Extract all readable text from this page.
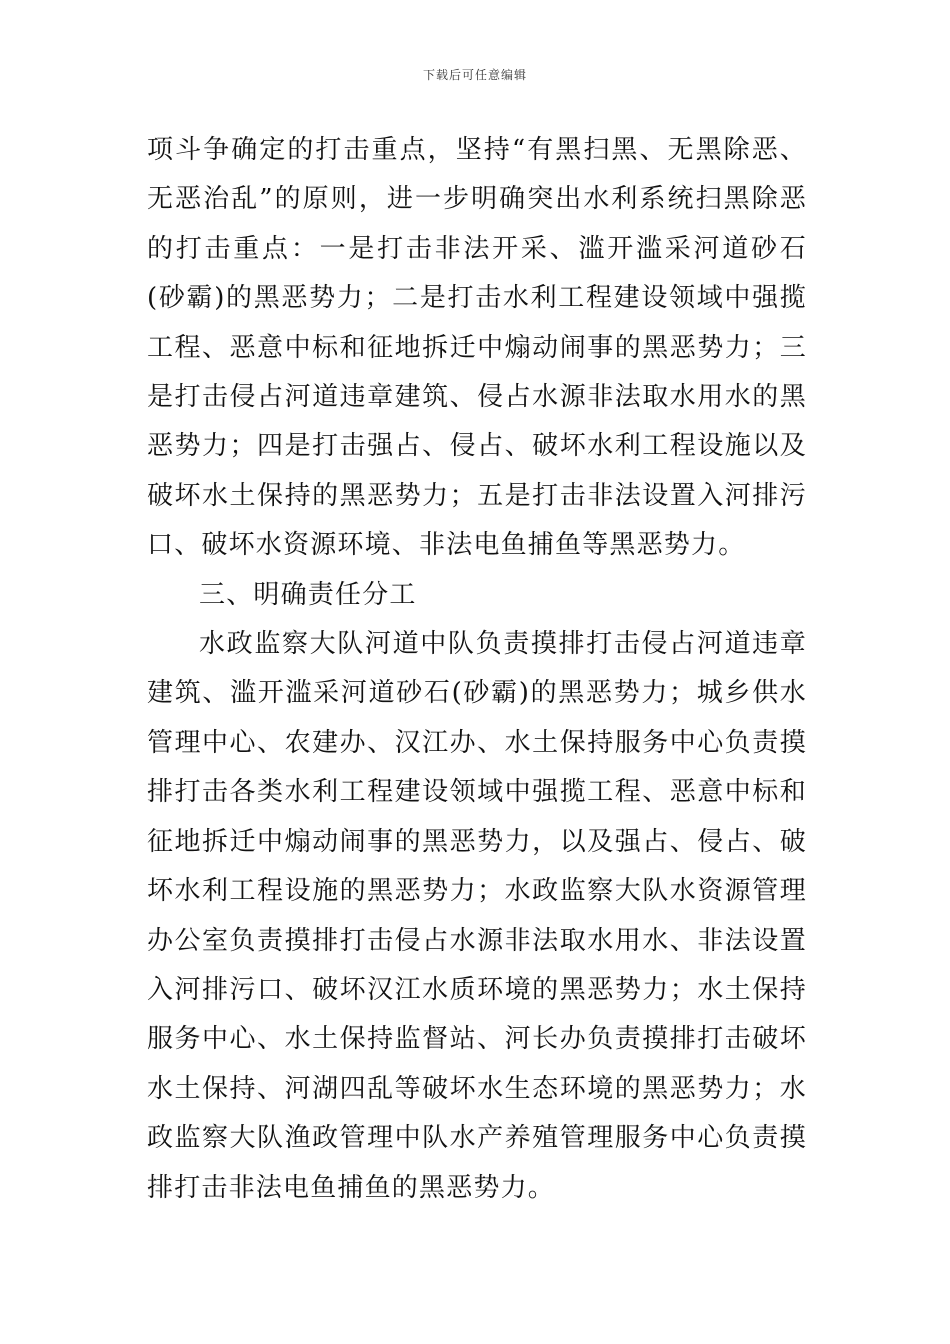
下载后可任意编辑

项斗争确定的打击重点，坚持“有黑扫黑、无黑除恶、无恶治乱”的原则，进一步明确突出水利系统扫黑除恶的打击重点：一是打击非法开采、滥开滥采河道砂石(砂霸)的黑恶势力；二是打击水利工程建设领域中强揽工程、恶意中标和征地拆迁中煽动闹事的黑恶势力；三是打击侵占河道违章建筑、侵占水源非法取水用水的黑恶势力；四是打击强占、侵占、破坏水利工程设施以及破坏水土保持的黑恶势力；五是打击非法设置入河排污口、破坏水资源环境、非法电鱼捕鱼等黑恶势力。

三、明确责任分工

水政监察大队河道中队负责摸排打击侵占河道违章建筑、滥开滥采河道砂石(砂霸)的黑恶势力；城乡供水管理中心、农建办、汉江办、水土保持服务中心负责摸排打击各类水利工程建设领域中强揽工程、恶意中标和征地拆迁中煽动闹事的黑恶势力，以及强占、侵占、破坏水利工程设施的黑恶势力；水政监察大队水资源管理办公室负责摸排打击侵占水源非法取水用水、非法设置入河排污口、破坏汉江水质环境的黑恶势力；水土保持服务中心、水土保持监督站、河长办负责摸排打击破坏水土保持、河湖四乱等破坏水生态环境的黑恶势力；水政监察大队渔政管理中队水产养殖管理服务中心负责摸排打击非法电鱼捕鱼的黑恶势力。
